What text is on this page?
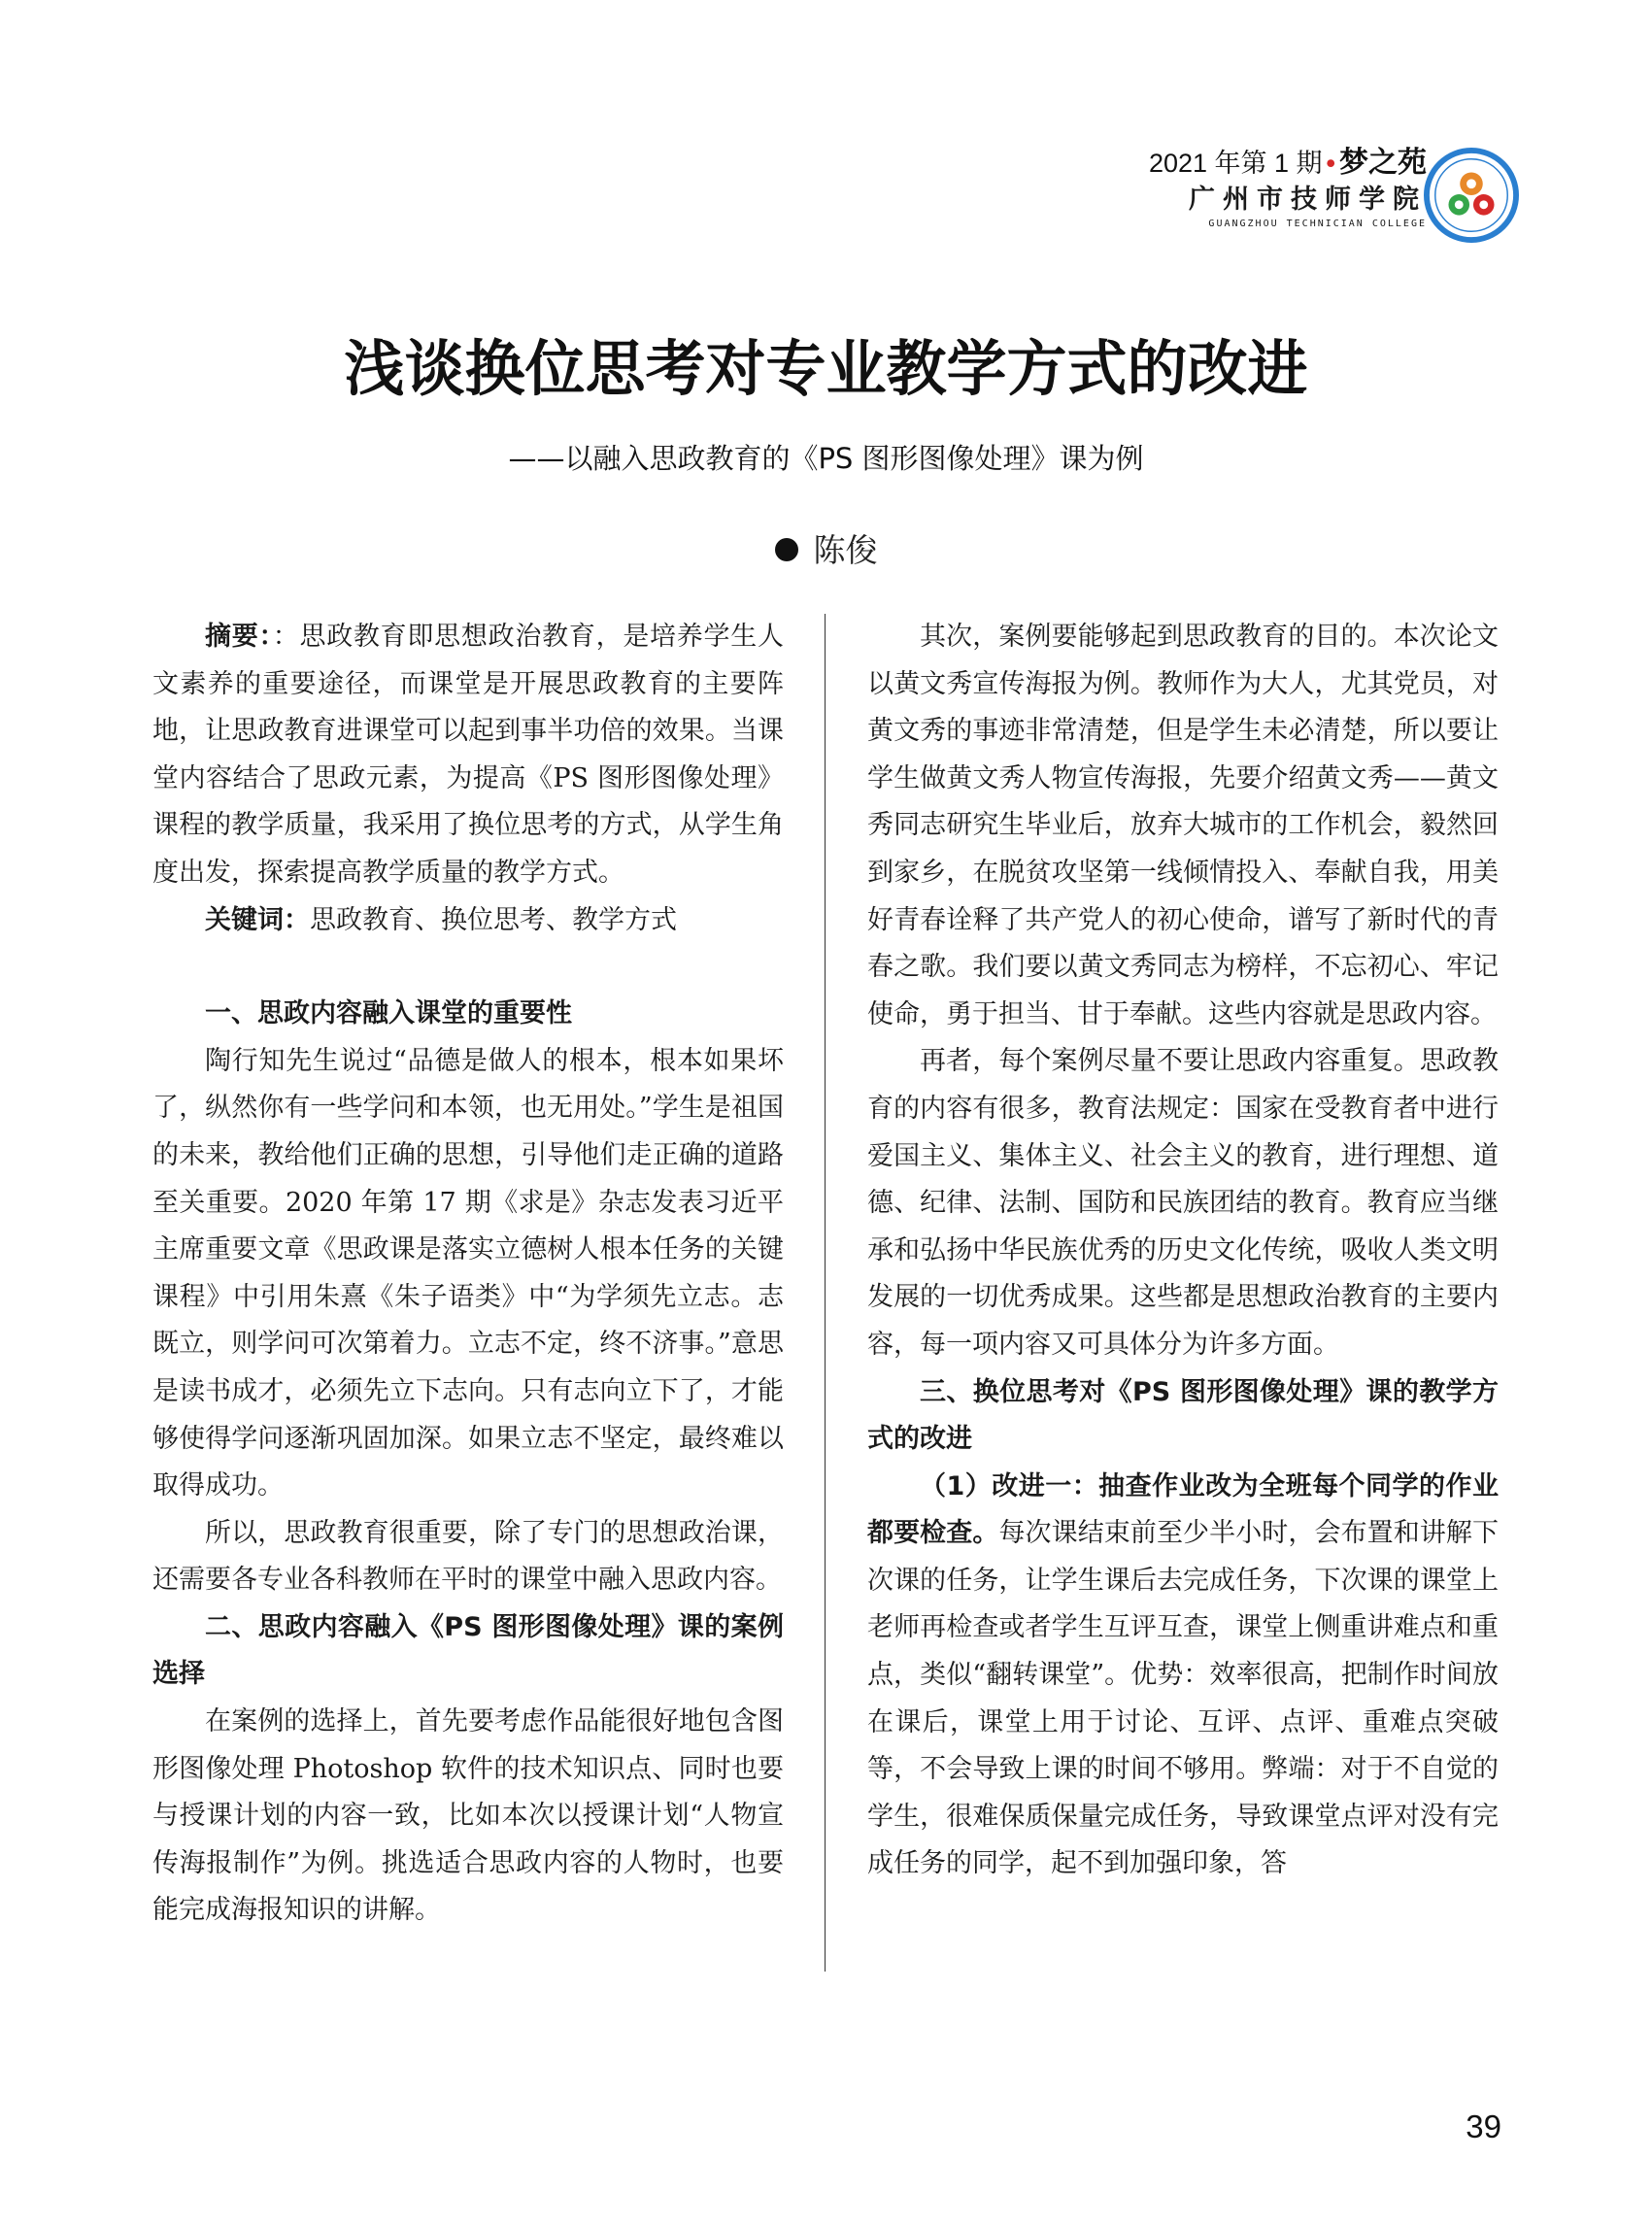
2021 年第 1 期 • 梦之苑
广州市技师学院
GUANGZHOU TECHNICIAN COLLEGE
浅谈换位思考对专业教学方式的改进
——以融入思政教育的《PS 图形图像处理》课为例
陈俊

摘要：：思政教育即思想政治教育，是培养学生人文素养的重要途径，而课堂是开展思政教育的主要阵地，让思政教育进课堂可以起到事半功倍的效果。当课堂内容结合了思政元素，为提高《PS 图形图像处理》课程的教学质量，我采用了换位思考的方式，从学生角度出发，探索提高教学质量的教学方式。

关键词：思政教育、换位思考、教学方式

一、思政内容融入课堂的重要性

陶行知先生说过“品德是做人的根本，根本如果坏了，纵然你有一些学问和本领，也无用处。”学生是祖国的未来，教给他们正确的思想，引导他们走正确的道路至关重要。2020 年第 17 期《求是》杂志发表习近平主席重要文章《思政课是落实立德树人根本任务的关键课程》中引用朱熹《朱子语类》中“为学须先立志。志既立，则学问可次第着力。立志不定，终不济事。”意思是读书成才，必须先立下志向。只有志向立下了，才能够使得学问逐渐巩固加深。如果立志不坚定，最终难以取得成功。

所以，思政教育很重要，除了专门的思想政治课，还需要各专业各科教师在平时的课堂中融入思政内容。

二、思政内容融入《PS 图形图像处理》课的案例选择

在案例的选择上，首先要考虑作品能很好地包含图形图像处理 Photoshop 软件的技术知识点、同时也要与授课计划的内容一致，比如本次以授课计划“人物宣传海报制作”为例。挑选适合思政内容的人物时，也要能完成海报知识的讲解。

其次，案例要能够起到思政教育的目的。本次论文以黄文秀宣传海报为例。教师作为大人，尤其党员，对黄文秀的事迹非常清楚，但是学生未必清楚，所以要让学生做黄文秀人物宣传海报，先要介绍黄文秀——黄文秀同志研究生毕业后，放弃大城市的工作机会，毅然回到家乡，在脱贫攻坚第一线倾情投入、奉献自我，用美好青春诠释了共产党人的初心使命，谱写了新时代的青春之歌。我们要以黄文秀同志为榜样，不忘初心、牢记使命，勇于担当、甘于奉献。这些内容就是思政内容。

再者，每个案例尽量不要让思政内容重复。思政教育的内容有很多，教育法规定：国家在受教育者中进行爱国主义、集体主义、社会主义的教育，进行理想、道德、纪律、法制、国防和民族团结的教育。教育应当继承和弘扬中华民族优秀的历史文化传统，吸收人类文明发展的一切优秀成果。这些都是思想政治教育的主要内容，每一项内容又可具体分为许多方面。

三、换位思考对《PS 图形图像处理》课的教学方式的改进

（1）改进一：抽查作业改为全班每个同学的作业都要检查。每次课结束前至少半小时，会布置和讲解下次课的任务，让学生课后去完成任务，下次课的课堂上老师再检查或者学生互评互查，课堂上侧重讲难点和重点，类似“翻转课堂”。优势：效率很高，把制作时间放在课后，课堂上用于讨论、互评、点评、重难点突破等，不会导致上课的时间不够用。弊端：对于不自觉的学生，很难保质保量完成任务，导致课堂点评对没有完成任务的同学，起不到加强印象，答

39
